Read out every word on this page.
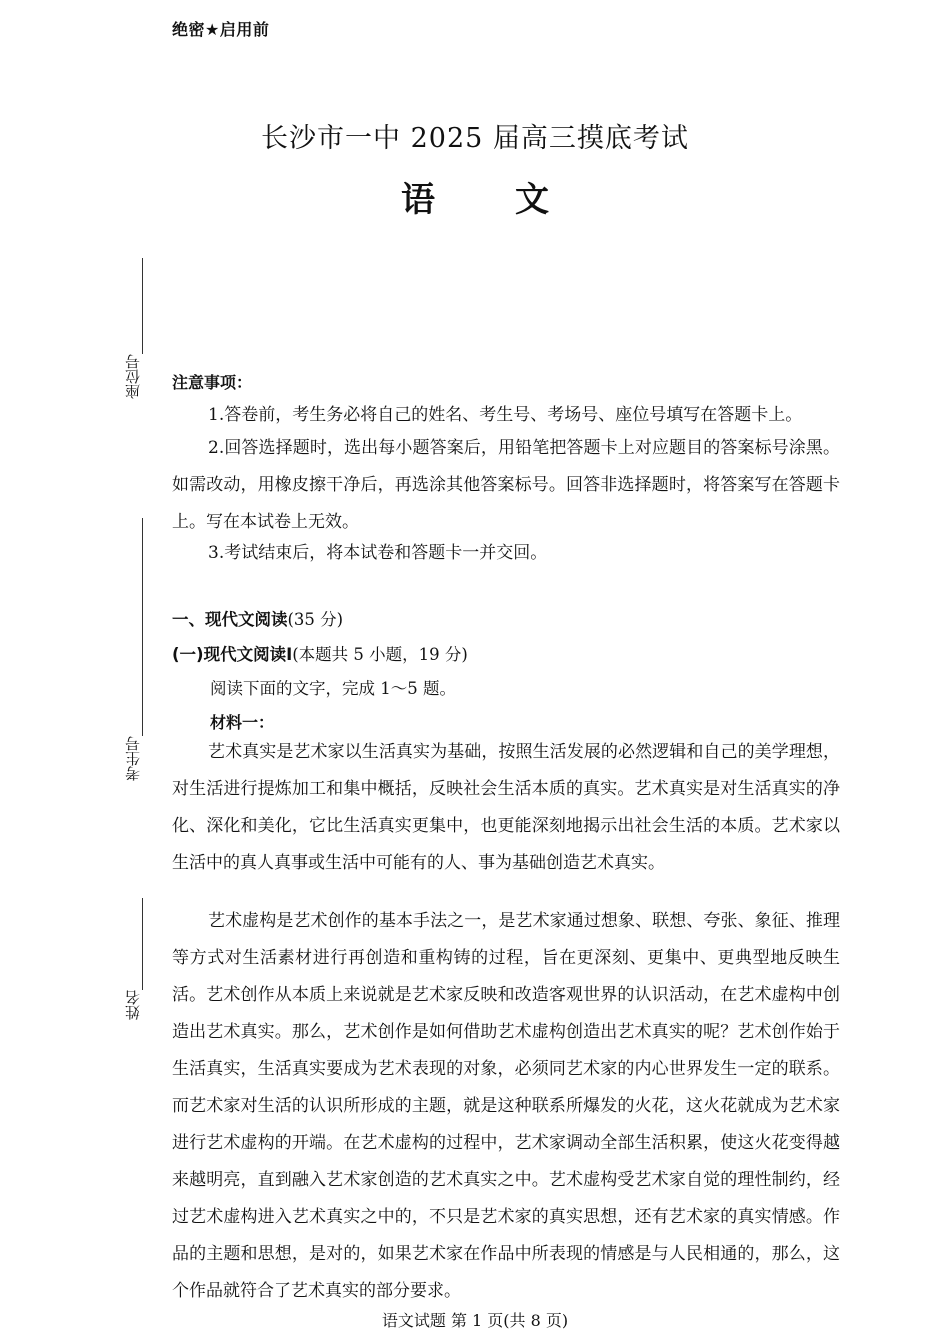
绝密★启用前
长沙市一中 2025 届高三摸底考试
语文
座位号
考生号
姓名
注意事项：
1.答卷前，考生务必将自己的姓名、考生号、考场号、座位号填写在答题卡上。
2.回答选择题时，选出每小题答案后，用铅笔把答题卡上对应题目的答案标号涂黑。如需改动，用橡皮擦干净后，再选涂其他答案标号。回答非选择题时，将答案写在答题卡上。写在本试卷上无效。
3.考试结束后，将本试卷和答题卡一并交回。
一、现代文阅读(35 分)
(一)现代文阅读Ⅰ(本题共 5 小题，19 分)
阅读下面的文字，完成 1～5 题。
材料一：
艺术真实是艺术家以生活真实为基础，按照生活发展的必然逻辑和自己的美学理想，对生活进行提炼加工和集中概括，反映社会生活本质的真实。艺术真实是对生活真实的净化、深化和美化，它比生活真实更集中，也更能深刻地揭示出社会生活的本质。艺术家以生活中的真人真事或生活中可能有的人、事为基础创造艺术真实。
艺术虚构是艺术创作的基本手法之一，是艺术家通过想象、联想、夸张、象征、推理等方式对生活素材进行再创造和重构铸的过程，旨在更深刻、更集中、更典型地反映生活。艺术创作从本质上来说就是艺术家反映和改造客观世界的认识活动，在艺术虚构中创造出艺术真实。那么，艺术创作是如何借助艺术虚构创造出艺术真实的呢？艺术创作始于生活真实，生活真实要成为艺术表现的对象，必须同艺术家的内心世界发生一定的联系。而艺术家对生活的认识所形成的主题，就是这种联系所爆发的火花，这火花就成为艺术家进行艺术虚构的开端。在艺术虚构的过程中，艺术家调动全部生活积累，使这火花变得越来越明亮，直到融入艺术家创造的艺术真实之中。艺术虚构受艺术家自觉的理性制约，经过艺术虚构进入艺术真实之中的，不只是艺术家的真实思想，还有艺术家的真实情感。作品的主题和思想，是对的，如果艺术家在作品中所表现的情感是与人民相通的，那么，这个作品就符合了艺术真实的部分要求。
语文试题 第 1 页(共 8 页)
